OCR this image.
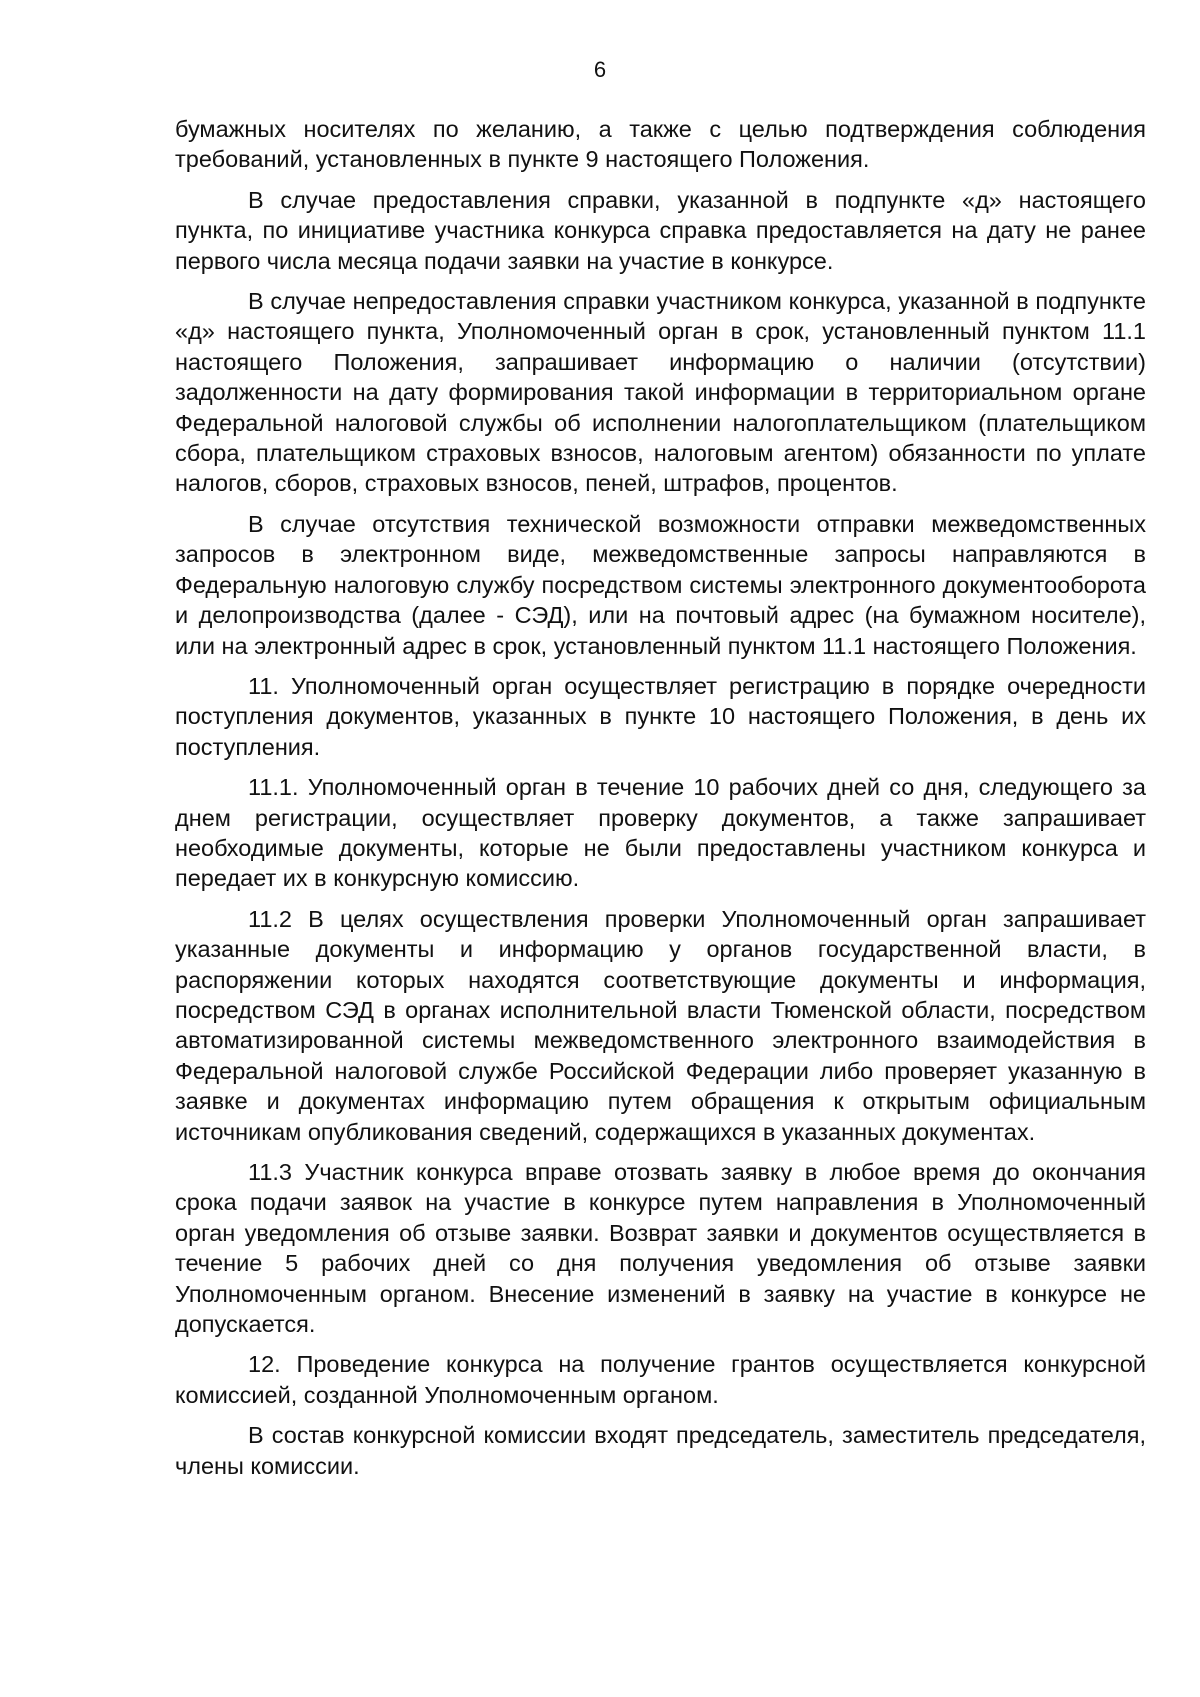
6

бумажных носителях по желанию, а также с целью подтверждения соблюдения требований, установленных в пункте 9 настоящего Положения.

В случае предоставления справки, указанной в подпункте «д» настоящего пункта, по инициативе участника конкурса справка предоставляется на дату не ранее первого числа месяца подачи заявки на участие в конкурсе.

В случае непредоставления справки участником конкурса, указанной в подпункте «д» настоящего пункта, Уполномоченный орган в срок, установленный пунктом 11.1 настоящего Положения, запрашивает информацию о наличии (отсутствии) задолженности на дату формирования такой информации в территориальном органе Федеральной налоговой службы об исполнении налогоплательщиком (плательщиком сбора, плательщиком страховых взносов, налоговым агентом) обязанности по уплате налогов, сборов, страховых взносов, пеней, штрафов, процентов.

В случае отсутствия технической возможности отправки межведомственных запросов в электронном виде, межведомственные запросы направляются в Федеральную налоговую службу посредством системы электронного документооборота и делопроизводства (далее - СЭД), или на почтовый адрес (на бумажном носителе), или на электронный адрес в срок, установленный пунктом 11.1 настоящего Положения.

11. Уполномоченный орган осуществляет регистрацию в порядке очередности поступления документов, указанных в пункте 10 настоящего Положения, в день их поступления.

11.1. Уполномоченный орган в течение 10 рабочих дней со дня, следующего за днем регистрации, осуществляет проверку документов, а также запрашивает необходимые документы, которые не были предоставлены участником конкурса и передает их в конкурсную комиссию.

11.2 В целях осуществления проверки Уполномоченный орган запрашивает указанные документы и информацию у органов государственной власти, в распоряжении которых находятся соответствующие документы и информация, посредством СЭД в органах исполнительной власти Тюменской области, посредством автоматизированной системы межведомственного электронного взаимодействия в Федеральной налоговой службе Российской Федерации либо проверяет указанную в заявке и документах информацию путем обращения к открытым официальным источникам опубликования сведений, содержащихся в указанных документах.

11.3 Участник конкурса вправе отозвать заявку в любое время до окончания срока подачи заявок на участие в конкурсе путем направления в Уполномоченный орган уведомления об отзыве заявки. Возврат заявки и документов осуществляется в течение 5 рабочих дней со дня получения уведомления об отзыве заявки Уполномоченным органом. Внесение изменений в заявку на участие в конкурсе не допускается.

12. Проведение конкурса на получение грантов осуществляется конкурсной комиссией, созданной Уполномоченным органом.

В состав конкурсной комиссии входят председатель, заместитель председателя, члены комиссии.
